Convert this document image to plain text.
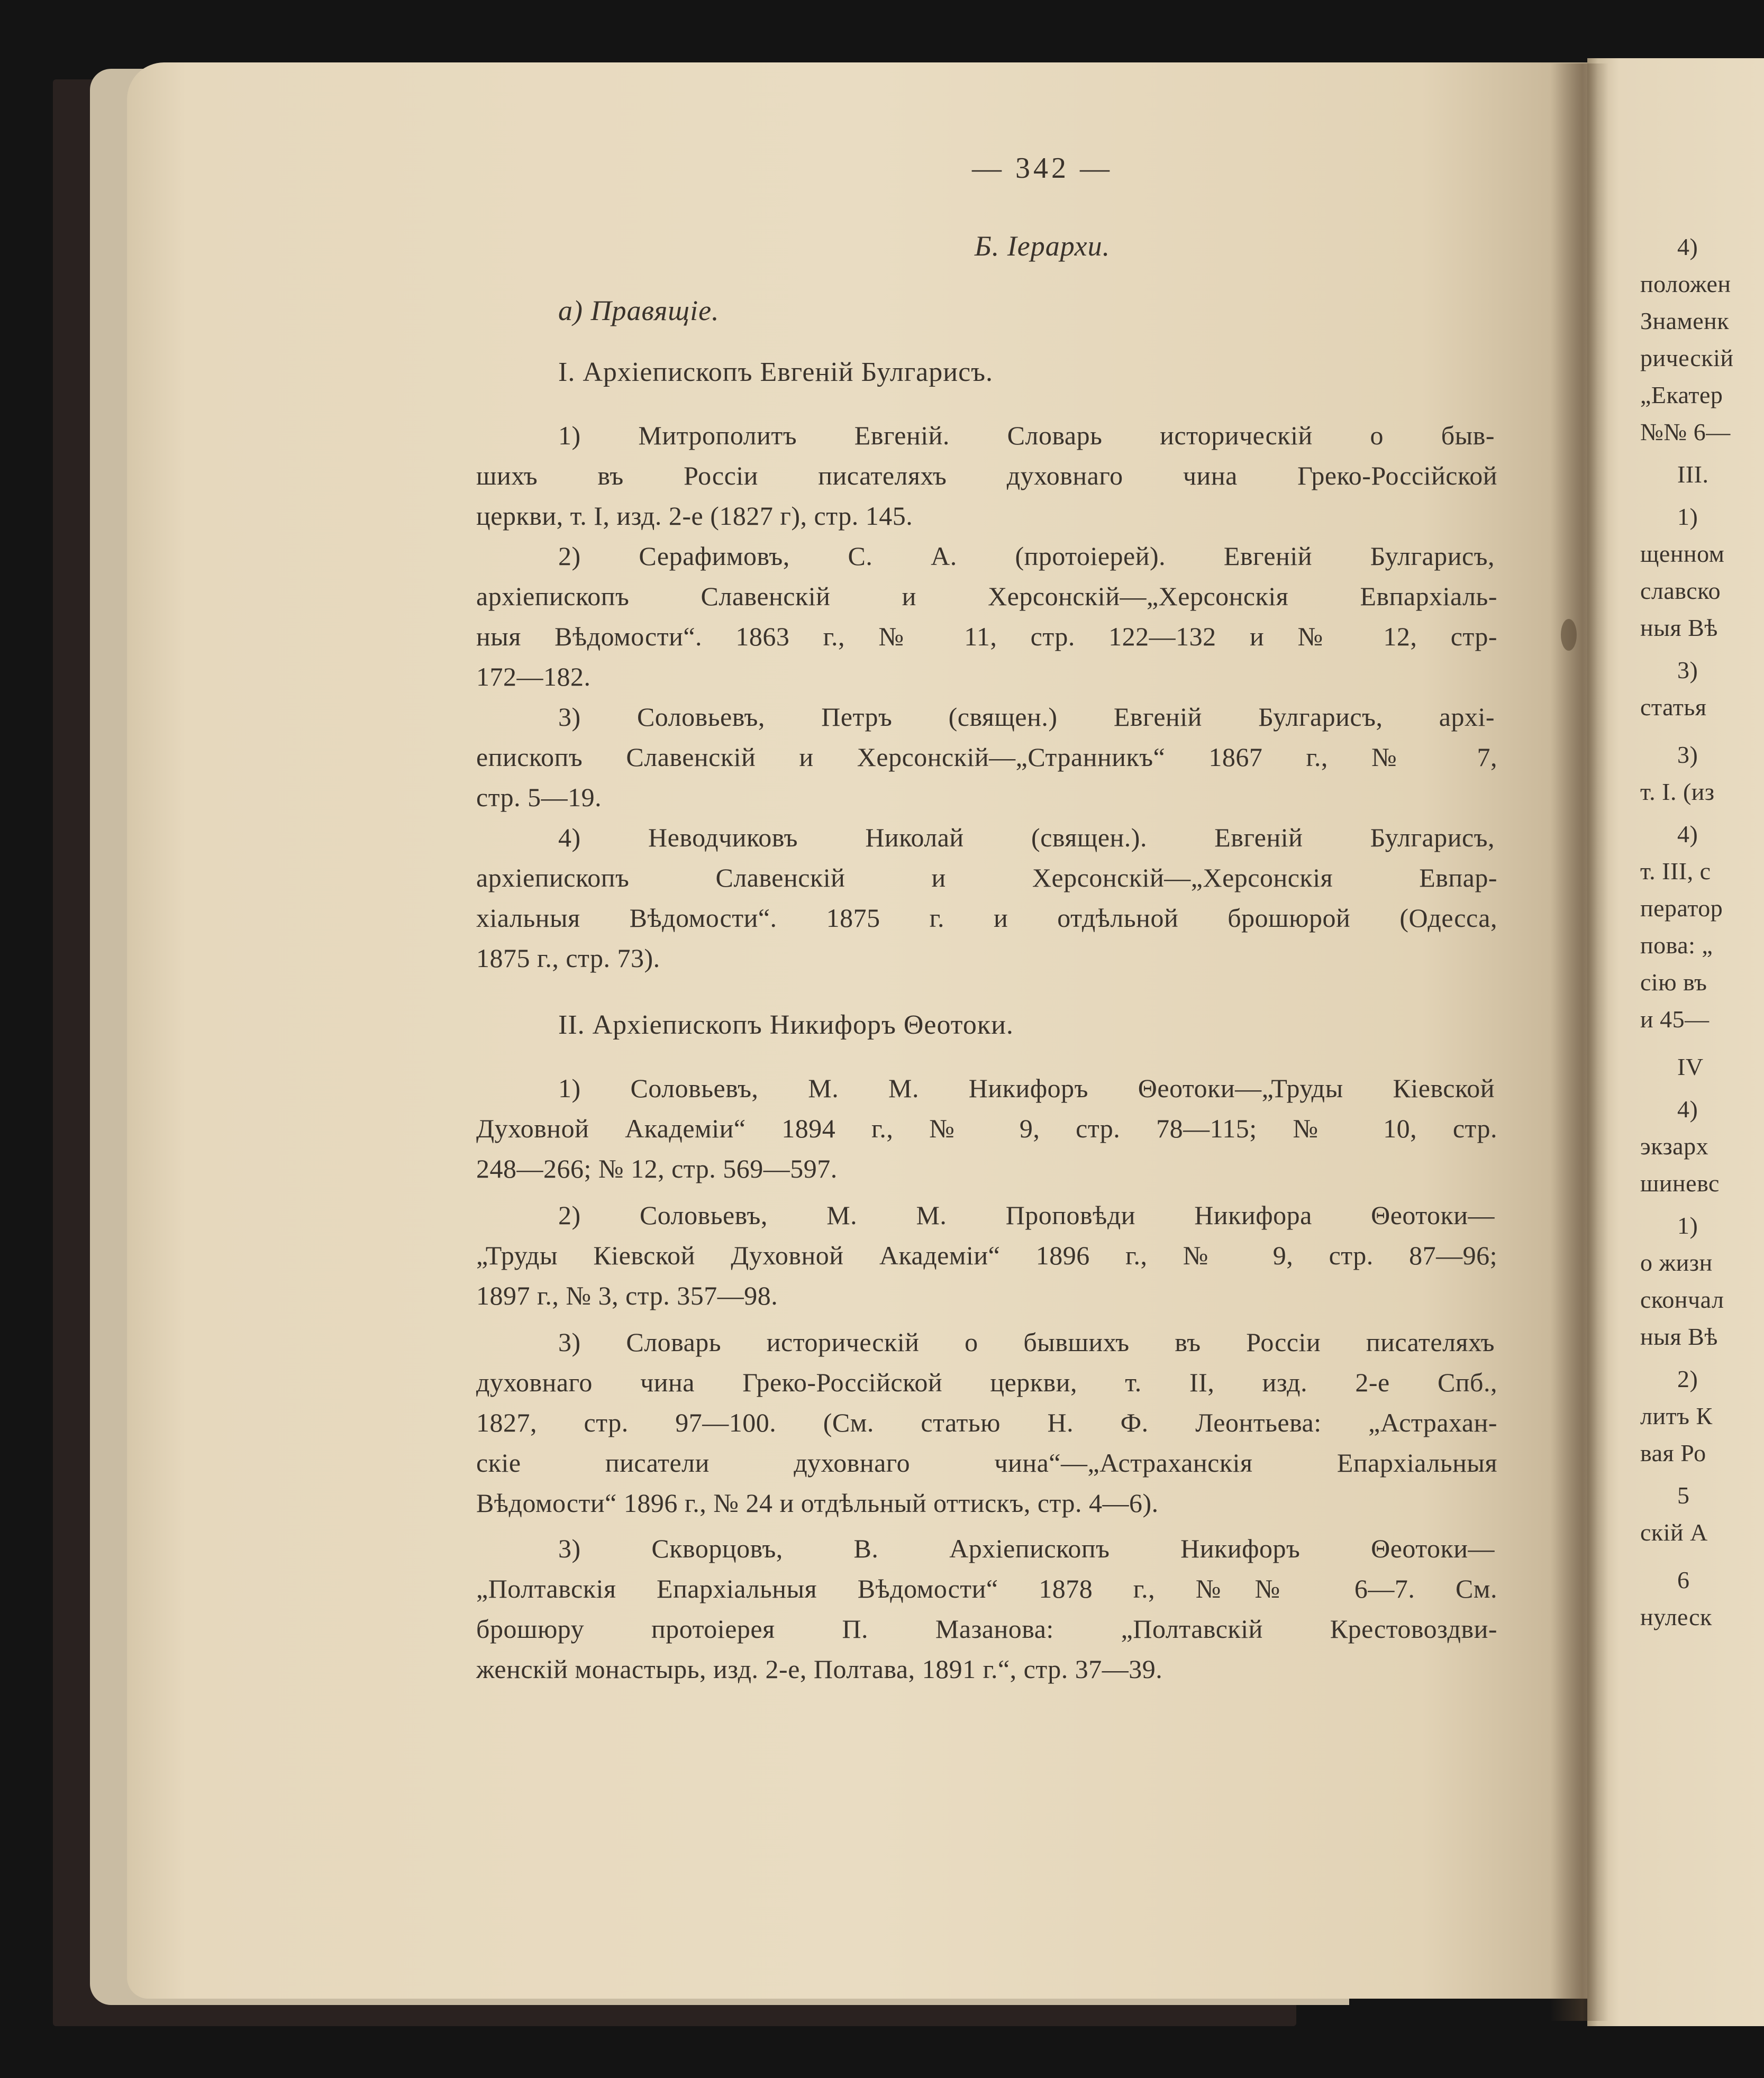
— 342 —
Б. Іерархи.
а) Правящіе.
I. Архіепископъ Евгеній Булгарисъ.
1) Митрополитъ Евгеній. Словарь историческій о быв-
шихъ въ Россіи писателяхъ духовнаго чина Греко-Россійской
церкви, т. I, изд. 2-е (1827 г), стр. 145.
2) Серафимовъ, С. А. (протоіерей). Евгеній Булгарисъ,
архіепископъ Славенскій и Херсонскій—„Херсонскія Евпархіаль-
ныя Вѣдомости“. 1863 г., № 11, стр. 122—132 и № 12, стр-
172—182.
3) Соловьевъ, Петръ (священ.) Евгеній Булгарисъ, архі-
епископъ Славенскій и Херсонскій—„Странникъ“ 1867 г., № 7,
стр. 5—19.
4) Неводчиковъ Николай (священ.). Евгеній Булгарисъ,
архіепископъ Славенскій и Херсонскій—„Херсонскія Евпар-
хіальныя Вѣдомости“. 1875 г. и отдѣльной брошюрой (Одесса,
1875 г., стр. 73).
II. Архіепископъ Никифоръ Θеотоки.
1) Соловьевъ, М. М. Никифоръ Θеотоки—„Труды Кіевской
Духовной Академіи“ 1894 г., № 9, стр. 78—115; № 10, стр.
248—266; № 12, стр. 569—597.
2) Соловьевъ, М. М. Проповѣди Никифора Θеотоки—
„Труды Кіевской Духовной Академіи“ 1896 г., № 9, стр. 87—96;
1897 г., № 3, стр. 357—98.
3) Словарь историческій о бывшихъ въ Россіи писателяхъ
духовнаго чина Греко-Россійской церкви, т. II, изд. 2-е Спб.,
1827, стр. 97—100. (См. статью Н. Ф. Леонтьева: „Астрахан-
скіе писатели духовнаго чина“—„Астраханскія Епархіальныя
Вѣдомости“ 1896 г., № 24 и отдѣльный оттискъ, стр. 4—6).
3) Скворцовъ, В. Архіепископъ Никифоръ Θеотоки—
„Полтавскія Епархіальныя Вѣдомости“ 1878 г., №№ 6—7. См.
брошюру протоіерея П. Мазанова: „Полтавскій Крестовоздви-
женскій монастырь, изд. 2-е, Полтава, 1891 г.“, стр. 37—39.
4)
положен
Знаменк
рическій
„Екатер
№№ 6—
III.
1)
щенном
славско
ныя Вѣ
3)
статья
3)
т. I. (из
4)
т. III, с
ператор
пова: „
сію въ
и 45—
IV
4)
экзарх
шиневс
1)
о жизн
скончал
ныя Вѣ
2)
литъ К
вая Ро
5
скій А
6
нулеск
